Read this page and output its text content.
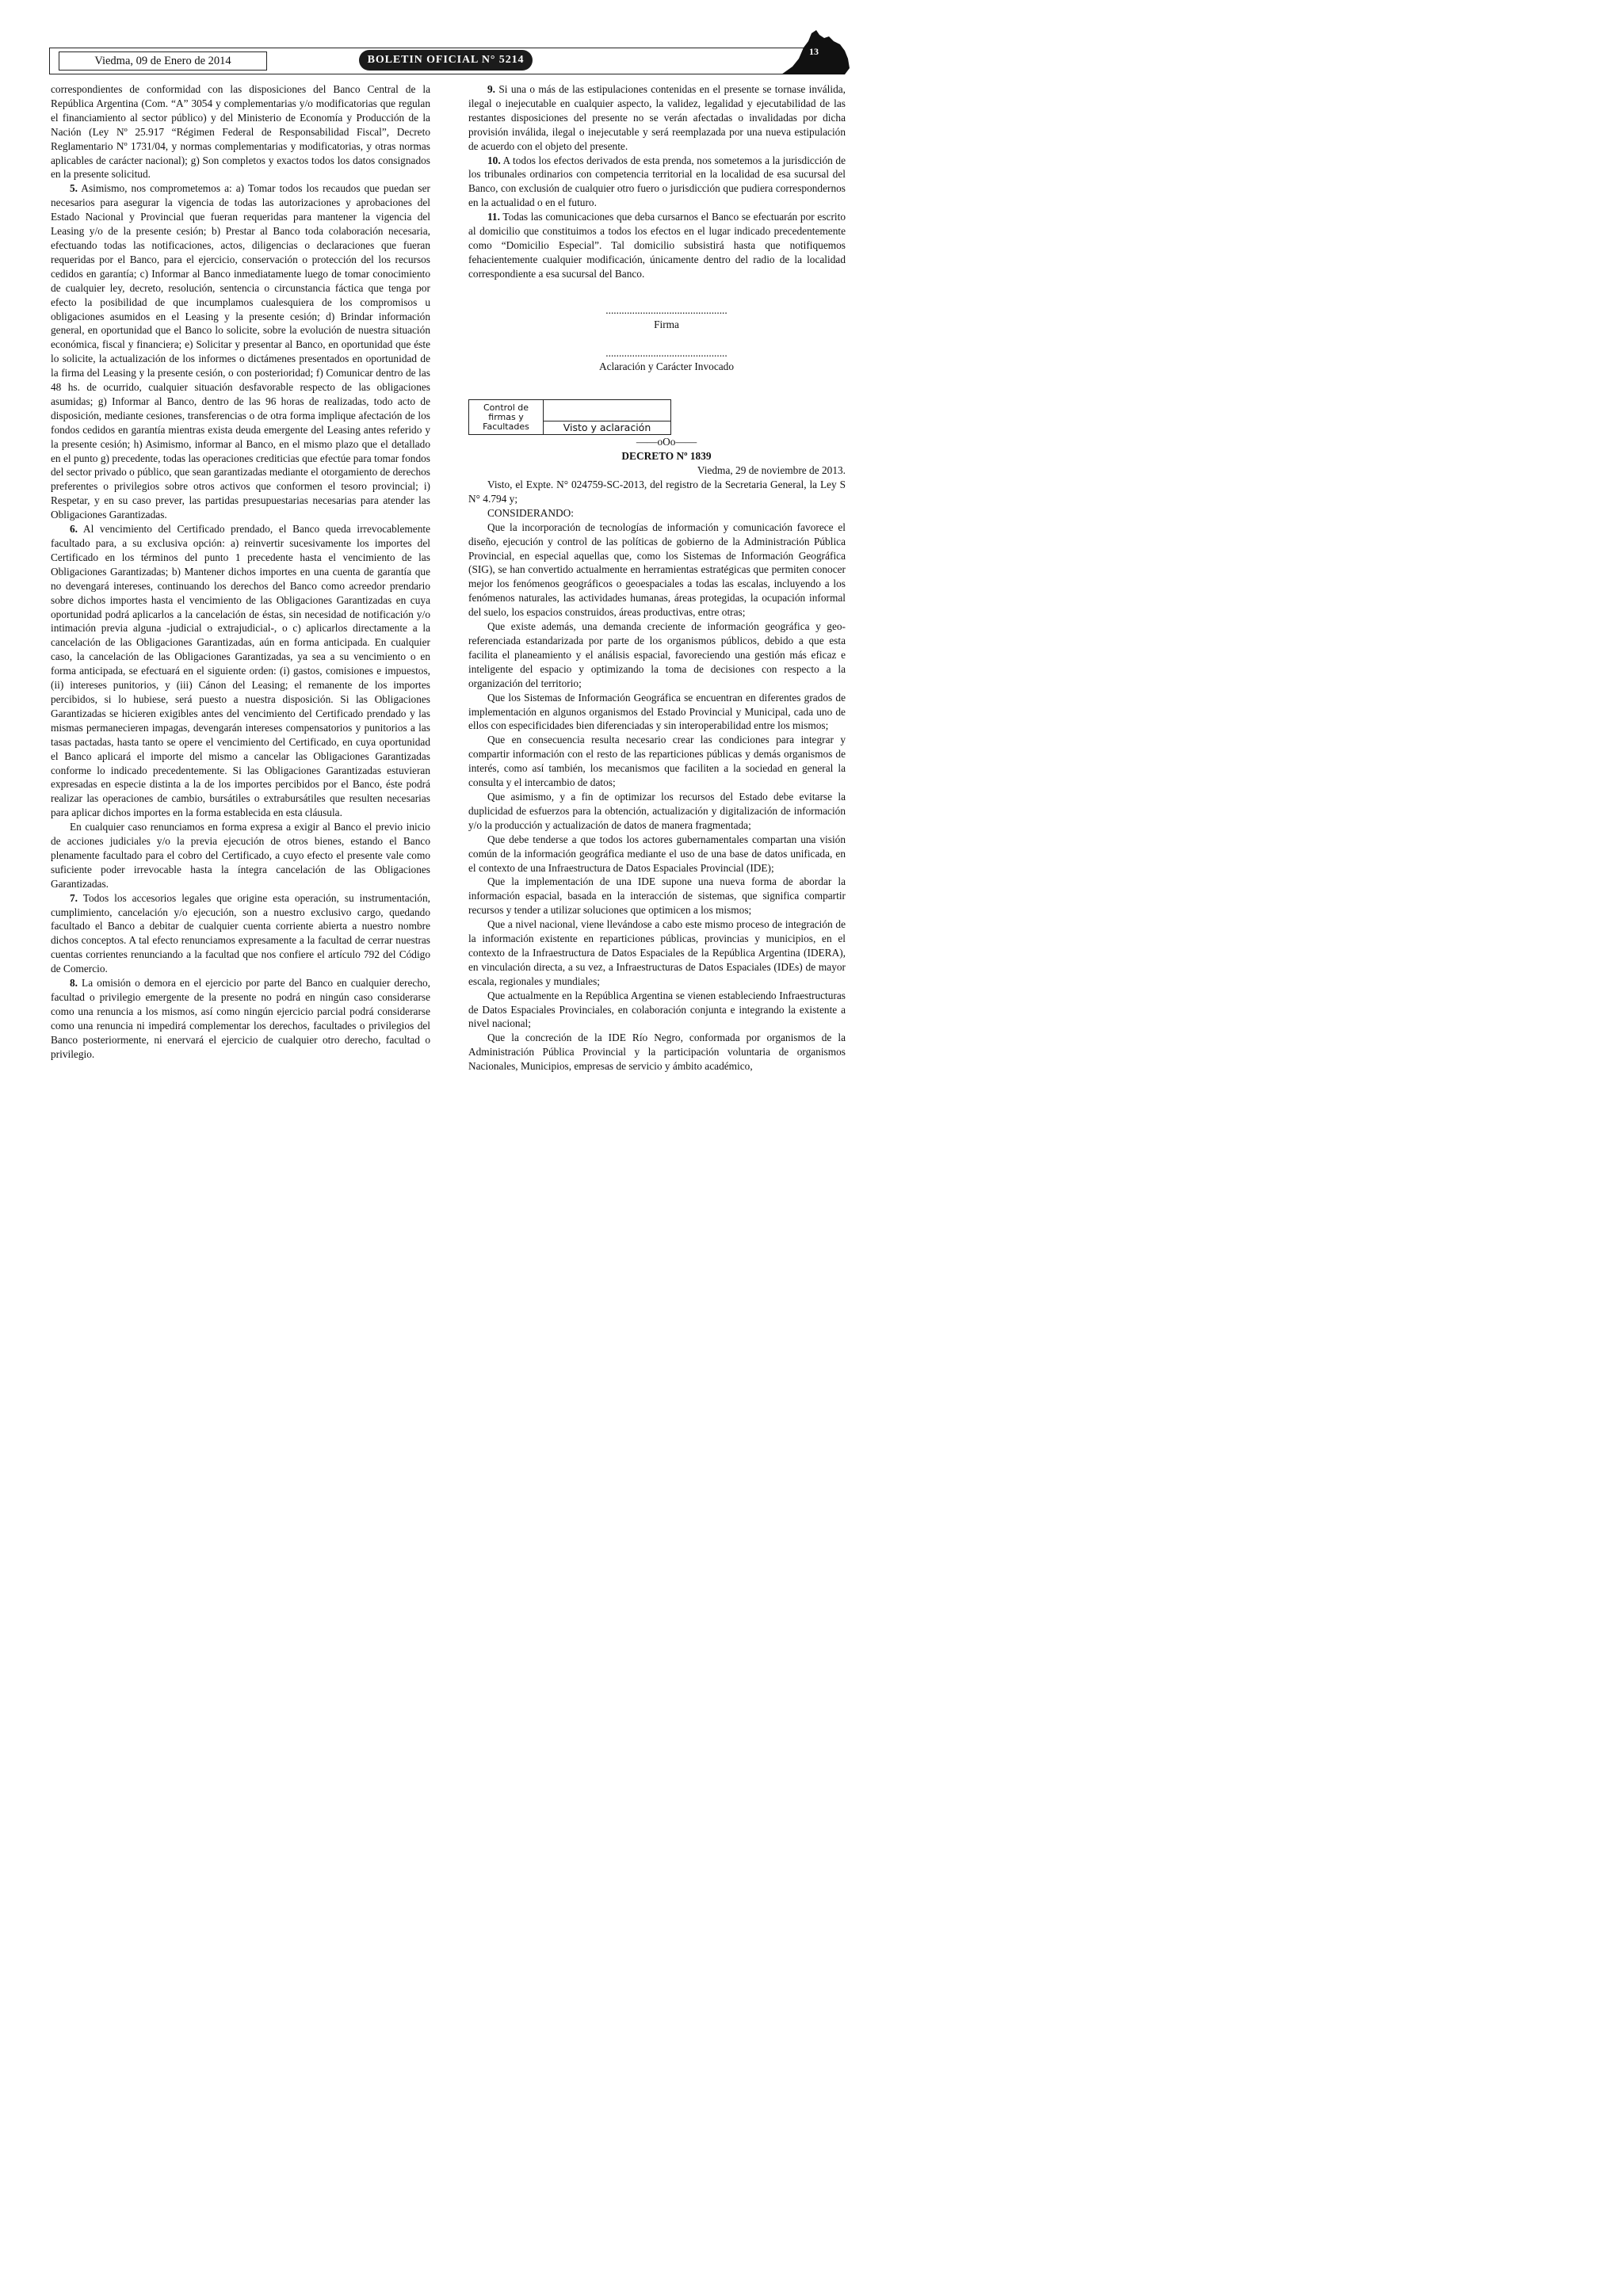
Viedma, 09 de Enero de 2014	BOLETIN OFICIAL N° 5214
13

correspondientes de conformidad con las disposiciones del Banco Central de la República Argentina (Com. “A” 3054 y complementarias y/o modificatorias que regulan el financiamiento al sector público) y del Ministerio de Economía y Producción de la Nación (Ley Nº 25.917 “Régimen Federal de Responsabilidad Fiscal”, Decreto Reglamentario Nº 1731/04, y normas complementarias y modificatorias, y otras normas aplicables de carácter nacional); g) Son completos y exactos todos los datos consignados en la presente solicitud.

5. Asimismo, nos comprometemos a: a) Tomar todos los recaudos que puedan ser necesarios para asegurar la vigencia de todas las autorizaciones y aprobaciones del Estado Nacional y Provincial que fueran requeridas para mantener la vigencia del Leasing y/o de la presente cesión; b) Prestar al Banco toda colaboración necesaria, efectuando todas las notificaciones, actos, diligencias o declaraciones que fueran requeridas por el Banco, para el ejercicio, conservación o protección del los recursos cedidos en garantía; c) Informar al Banco inmediatamente luego de tomar conocimiento de cualquier ley, decreto, resolución, sentencia o circunstancia fáctica que tenga por efecto la posibilidad de que incumplamos cualesquiera de los compromisos u obligaciones asumidos en el Leasing y la presente cesión; d) Brindar información general, en oportunidad que el Banco lo solicite, sobre la evolución de nuestra situación económica, fiscal y financiera; e) Solicitar y presentar al Banco, en oportunidad que éste lo solicite, la actualización de los informes o dictámenes presentados en oportunidad de la firma del Leasing y la presente cesión, o con posterioridad; f) Comunicar dentro de las 48 hs. de ocurrido, cualquier situación desfavorable respecto de las obligaciones asumidas; g) Informar al Banco, dentro de las 96 horas de realizadas, todo acto de disposición, mediante cesiones, transferencias o de otra forma implique afectación de los fondos cedidos en garantía mientras exista deuda emergente del Leasing antes referido y la presente cesión; h) Asimismo, informar al Banco, en el mismo plazo que el detallado en el punto g) precedente, todas las operaciones crediticias que efectúe para tomar fondos del sector privado o público, que sean garantizadas mediante el otorgamiento de derechos preferentes o privilegios sobre otros activos que conformen el tesoro provincial; i) Respetar, y en su caso prever, las partidas presupuestarias necesarias para atender las Obligaciones Garantizadas.

6. Al vencimiento del Certificado prendado, el Banco queda irrevocablemente facultado para, a su exclusiva opción: a) reinvertir sucesivamente los importes del Certificado en los términos del punto 1 precedente hasta el vencimiento de las Obligaciones Garantizadas; b) Mantener dichos importes en una cuenta de garantía que no devengará intereses, continuando los derechos del Banco como acreedor prendario sobre dichos importes hasta el vencimiento de las Obligaciones Garantizadas en cuya oportunidad podrá aplicarlos a la cancelación de éstas, sin necesidad de notificación y/o intimación previa alguna -judicial o extrajudicial-, o c) aplicarlos directamente a la cancelación de las Obligaciones Garantizadas, aún en forma anticipada. En cualquier caso, la cancelación de las Obligaciones Garantizadas, ya sea a su vencimiento o en forma anticipada, se efectuará en el siguiente orden: (i) gastos, comisiones e impuestos, (ii) intereses punitorios, y (iii) Cánon del Leasing; el remanente de los importes percibidos, si lo hubiese, será puesto a nuestra disposición. Si las Obligaciones Garantizadas se hicieren exigibles antes del vencimiento del Certificado prendado y las mismas permanecieren impagas, devengarán intereses compensatorios y punitorios a las tasas pactadas, hasta tanto se opere el vencimiento del Certificado, en cuya oportunidad el Banco aplicará el importe del mismo a cancelar las Obligaciones Garantizadas conforme lo indicado precedentemente. Si las Obligaciones Garantizadas estuvieran expresadas en especie distinta a la de los importes percibidos por el Banco, éste podrá realizar las operaciones de cambio, bursátiles o extrabursátiles que resulten necesarias para aplicar dichos importes en la forma establecida en esta cláusula.

En cualquier caso renunciamos en forma expresa a exigir al Banco el previo inicio de acciones judiciales y/o la previa ejecución de otros bienes, estando el Banco plenamente facultado para el cobro del Certificado, a cuyo efecto el presente vale como suficiente poder irrevocable hasta la íntegra cancelación de las Obligaciones Garantizadas.

7. Todos los accesorios legales que origine esta operación, su instrumentación, cumplimiento, cancelación y/o ejecución, son a nuestro exclusivo cargo, quedando facultado el Banco a debitar de cualquier cuenta corriente abierta a nuestro nombre dichos conceptos. A tal efecto renunciamos expresamente a la facultad de cerrar nuestras cuentas corrientes renunciando a la facultad que nos confiere el artículo 792 del Código de Comercio.

8. La omisión o demora en el ejercicio por parte del Banco en cualquier derecho, facultad o privilegio emergente de la presente no podrá en ningún caso considerarse como una renuncia a los mismos, así como ningún ejercicio parcial podrá considerarse como una renuncia ni impedirá complementar los derechos, facultades o privilegios del Banco posteriormente, ni enervará el ejercicio de cualquier otro derecho, facultad o privilegio.

9. Si una o más de las estipulaciones contenidas en el presente se tornase inválida, ilegal o inejecutable en cualquier aspecto, la validez, legalidad y ejecutabilidad de las restantes disposiciones del presente no se verán afectadas o invalidadas por dicha provisión inválida, ilegal o inejecutable y será reemplazada por una nueva estipulación de acuerdo con el objeto del presente.

10. A todos los efectos derivados de esta prenda, nos sometemos a la jurisdicción de los tribunales ordinarios con competencia territorial en la localidad de esa sucursal del Banco, con exclusión de cualquier otro fuero o jurisdicción que pudiera correspondernos en la actualidad o en el futuro.

11. Todas las comunicaciones que deba cursarnos el Banco se efectuarán por escrito al domicilio que constituimos a todos los efectos en el lugar indicado precedentemente como “Domicilio Especial”. Tal domicilio subsistirá hasta que notifiquemos fehacientemente cualquier modificación, únicamente dentro del radio de la localidad correspondiente a esa sucursal del Banco.

..............................................

Firma

..............................................

Aclaración y Carácter Invocado

Control de firmas y Facultades	
Visto y aclaración

——oOo——

DECRETO Nº 1839

Viedma, 29 de noviembre de 2013.

Visto, el Expte. N° 024759-SC-2013, del registro de la Secretaria General, la Ley S N° 4.794 y;

CONSIDERANDO:

Que la incorporación de tecnologías de información y comunicación favorece el diseño, ejecución y control de las políticas de gobierno de la Administración Pública Provincial, en especial aquellas que, como los Sistemas de Información Geográfica (SIG), se han convertido actualmente en herramientas estratégicas que permiten conocer mejor los fenómenos geográficos o geoespaciales a todas las escalas, incluyendo a los fenómenos naturales, las actividades humanas, áreas protegidas, la ocupación informal del suelo, los espacios construidos, áreas productivas, entre otras;

Que existe además, una demanda creciente de información geográfica y geo-referenciada estandarizada por parte de los organismos públicos, debido a que esta facilita el planeamiento y el análisis espacial, favoreciendo una gestión más eficaz e inteligente del espacio y optimizando la toma de decisiones con respecto a la organización del territorio;

Que los Sistemas de Información Geográfica se encuentran en diferentes grados de implementación en algunos organismos del Estado Provincial y Municipal, cada uno de ellos con especificidades bien diferenciadas y sin interoperabilidad entre los mismos;

Que en consecuencia resulta necesario crear las condiciones para integrar y compartir información con el resto de las reparticiones públicas y demás organismos de interés, como así también, los mecanismos que faciliten a la sociedad en general la consulta y el intercambio de datos;

Que asimismo, y a fin de optimizar los recursos del Estado debe evitarse la duplicidad de esfuerzos para la obtención, actualización y digitalización de información y/o la producción y actualización de datos de manera fragmentada;

Que debe tenderse a que todos los actores gubernamentales compartan una visión común de la información geográfica mediante el uso de una base de datos unificada, en el contexto de una Infraestructura de Datos Espaciales Provincial (IDE);

Que la implementación de una IDE supone una nueva forma de abordar la información espacial, basada en la interacción de sistemas, que significa compartir recursos y tender a utilizar soluciones que optimicen a los mismos;

Que a nivel nacional, viene llevándose a cabo este mismo proceso de integración de la información existente en reparticiones públicas, provincias y municipios, en el contexto de la Infraestructura de Datos Espaciales de la República Argentina (IDERA), en vinculación directa, a su vez, a Infraestructuras de Datos Espaciales (IDEs) de mayor escala, regionales y mundiales;

Que actualmente en la República Argentina se vienen estableciendo Infraestructuras de Datos Espaciales Provinciales, en colaboración conjunta e integrando la existente a nivel nacional;

Que la concreción de la IDE Río Negro, conformada por organismos de la Administración Pública Provincial y la participación voluntaria de organismos Nacionales, Municipios, empresas de servicio y ámbito académico,
